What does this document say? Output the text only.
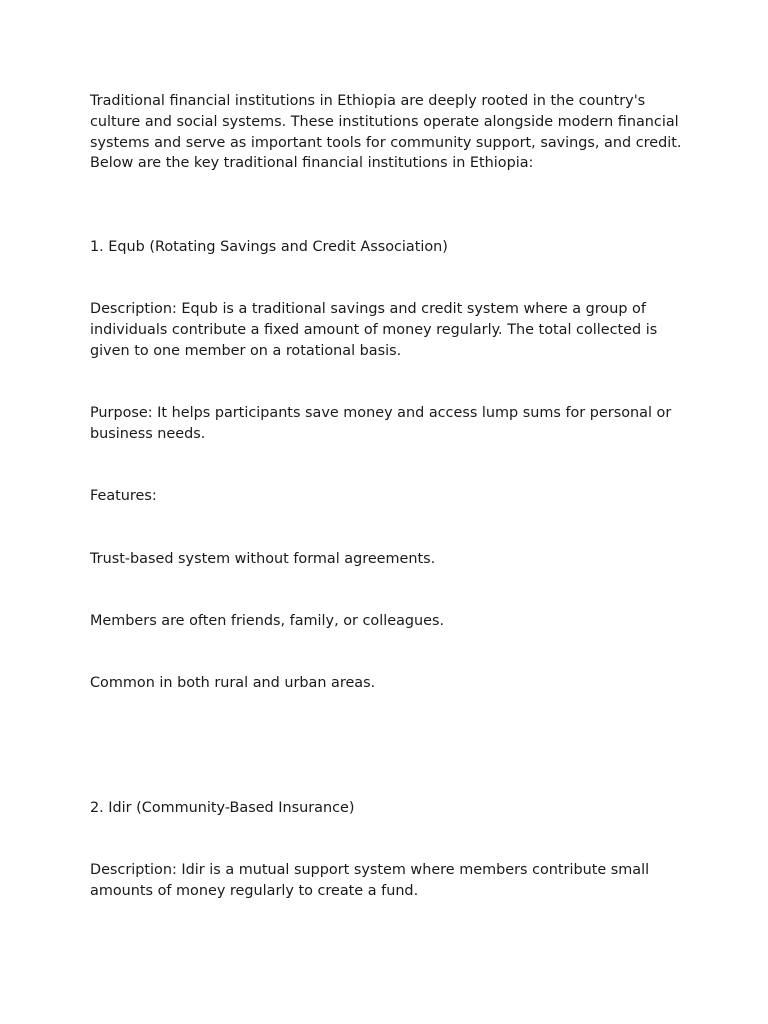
Traditional financial institutions in Ethiopia are deeply rooted in the country's culture and social systems. These institutions operate alongside modern financial systems and serve as important tools for community support, savings, and credit. Below are the key traditional financial institutions in Ethiopia:

1. Equb (Rotating Savings and Credit Association)

Description: Equb is a traditional savings and credit system where a group of individuals contribute a fixed amount of money regularly. The total collected is given to one member on a rotational basis.

Purpose: It helps participants save money and access lump sums for personal or business needs.

Features:

Trust-based system without formal agreements.

Members are often friends, family, or colleagues.

Common in both rural and urban areas.

2. Idir (Community-Based Insurance)

Description: Idir is a mutual support system where members contribute small amounts of money regularly to create a fund.
